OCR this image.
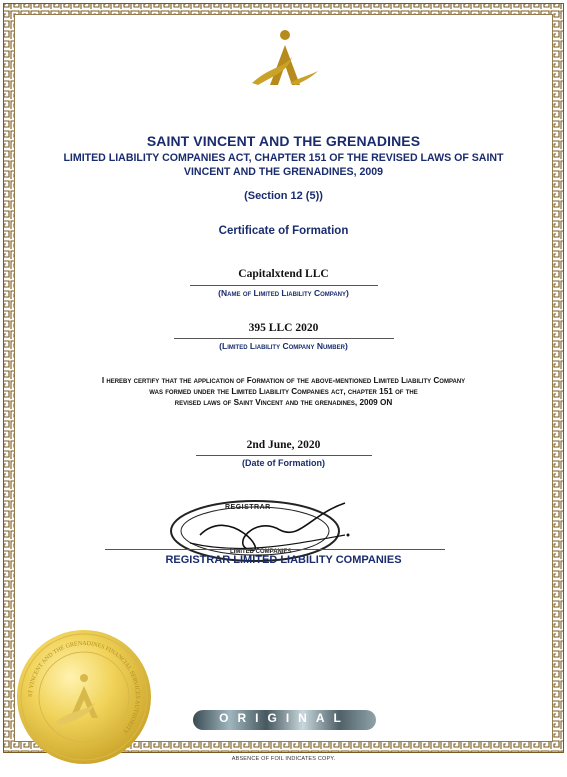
SAINT VINCENT AND THE GRENADINES
LIMITED LIABILITY COMPANIES ACT, CHAPTER 151 OF THE REVISED LAWS OF SAINT
VINCENT AND THE GRENADINES, 2009
(Section 12 (5))
Certificate of Formation
Capitalxtend LLC
(Name of Limited Liability Company)
395 LLC 2020
(Limited Liability Company Number)
I hereby certify that the application of Formation of the above-mentioned Limited Liability Company
was formed under the Limited Liability Companies act, chapter 151 of the
revised laws of Saint Vincent and the grenadines, 2009 ON
2nd June, 2020
(Date of Formation)
REGISTRAR
LIMITED COMPANIES
REGISTRAR LIMITED LIABILITY COMPANIES
ST VINCENT AND THE GRENADINES FINANCIAL SERVICES AUTHORITY
ORIGINAL
ABSENCE OF FOIL INDICATES COPY.
